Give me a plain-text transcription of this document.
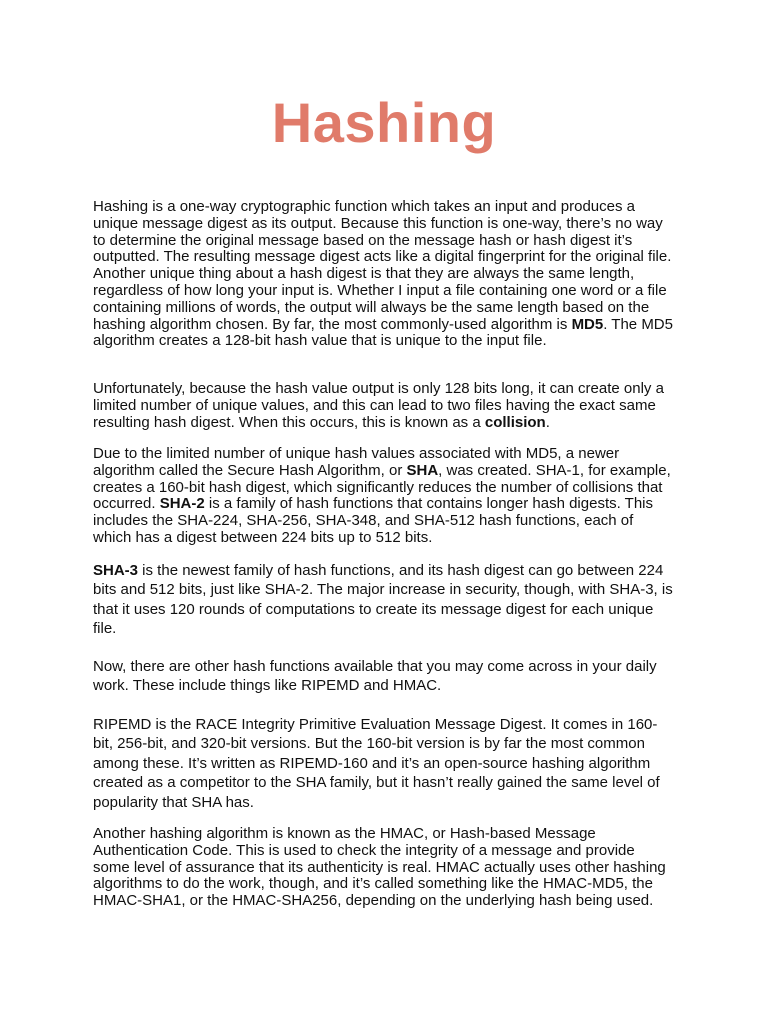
Hashing

Hashing is a one-way cryptographic function which takes an input and produces a unique message digest as its output. Because this function is one-way, there’s no way to determine the original message based on the message hash or hash digest it’s outputted. The resulting message digest acts like a digital fingerprint for the original file. Another unique thing about a hash digest is that they are always the same length, regardless of how long your input is. Whether I input a file containing one word or a file containing millions of words, the output will always be the same length based on the hashing algorithm chosen. By far, the most commonly-used algorithm is MD5. The MD5 algorithm creates a 128-bit hash value that is unique to the input file.

Unfortunately, because the hash value output is only 128 bits long, it can create only a limited number of unique values, and this can lead to two files having the exact same resulting hash digest. When this occurs, this is known as a collision.

Due to the limited number of unique hash values associated with MD5, a newer algorithm called the Secure Hash Algorithm, or SHA, was created. SHA-1, for example, creates a 160-bit hash digest, which significantly reduces the number of collisions that occurred. SHA-2 is a family of hash functions that contains longer hash digests. This includes the SHA-224, SHA-256, SHA-348, and SHA-512 hash functions, each of which has a digest between 224 bits up to 512 bits.

SHA-3 is the newest family of hash functions, and its hash digest can go between 224 bits and 512 bits, just like SHA-2. The major increase in security, though, with SHA-3, is that it uses 120 rounds of computations to create its message digest for each unique file.

Now, there are other hash functions available that you may come across in your daily work. These include things like RIPEMD and HMAC.

RIPEMD is the RACE Integrity Primitive Evaluation Message Digest. It comes in 160-bit, 256-bit, and 320-bit versions. But the 160-bit version is by far the most common among these. It’s written as RIPEMD-160 and it’s an open-source hashing algorithm created as a competitor to the SHA family, but it hasn’t really gained the same level of popularity that SHA has.

Another hashing algorithm is known as the HMAC, or Hash-based Message Authentication Code. This is used to check the integrity of a message and provide some level of assurance that its authenticity is real. HMAC actually uses other hashing algorithms to do the work, though, and it’s called something like the HMAC-MD5, the HMAC-SHA1, or the HMAC-SHA256, depending on the underlying hash being used.
